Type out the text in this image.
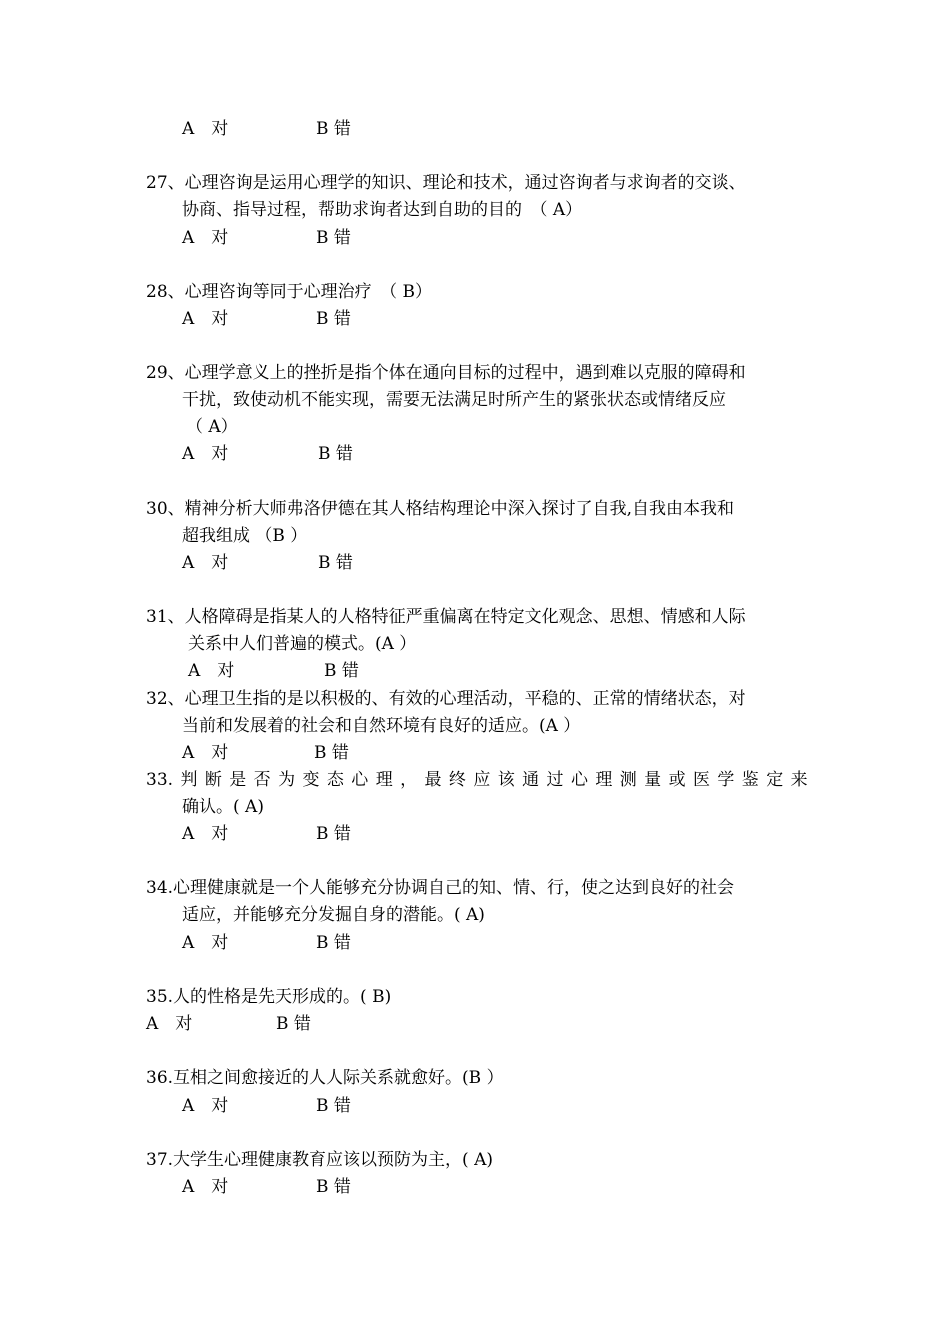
A　对	B 错
27、心理咨询是运用心理学的知识、理论和技术，通过咨询者与求询者的交谈、
协商、指导过程，帮助求询者达到自助的目的　（ A）
A　对	B 错
28、心理咨询等同于心理治疗　（ B）
A　对	B 错
29、心理学意义上的挫折是指个体在通向目标的过程中，遇到难以克服的障碍和
干扰，致使动机不能实现，需要无法满足时所产生的紧张状态或情绪反应
（ A）
A　对	B 错
30、精神分析大师弗洛伊德在其人格结构理论中深入探讨了自我,自我由本我和
超我组成 （B ）
A　对	B 错
31、人格障碍是指某人的人格特征严重偏离在特定文化观念、思想、情感和人际
关系中人们普遍的模式。(A ）
A　对	B 错
32、心理卫生指的是以积极的、有效的心理活动，平稳的、正常的情绪状态，对
当前和发展着的社会和自然环境有良好的适应。(A ）
A　对	B 错
33. 判 断 是 否 为 变 态 心 理 ， 最 终 应 该 通 过 心 理 测 量 或 医 学 鉴 定 来
确认。( A)
A　对	B 错
34.心理健康就是一个人能够充分协调自己的知、情、行，使之达到良好的社会
适应，并能够充分发掘自身的潜能。( A)
A　对	B 错
35.人的性格是先天形成的。( B)
A　对	B 错
36.互相之间愈接近的人人际关系就愈好。(B ）
A　对	B 错
37.大学生心理健康教育应该以预防为主，( A)
A　对	B 错
